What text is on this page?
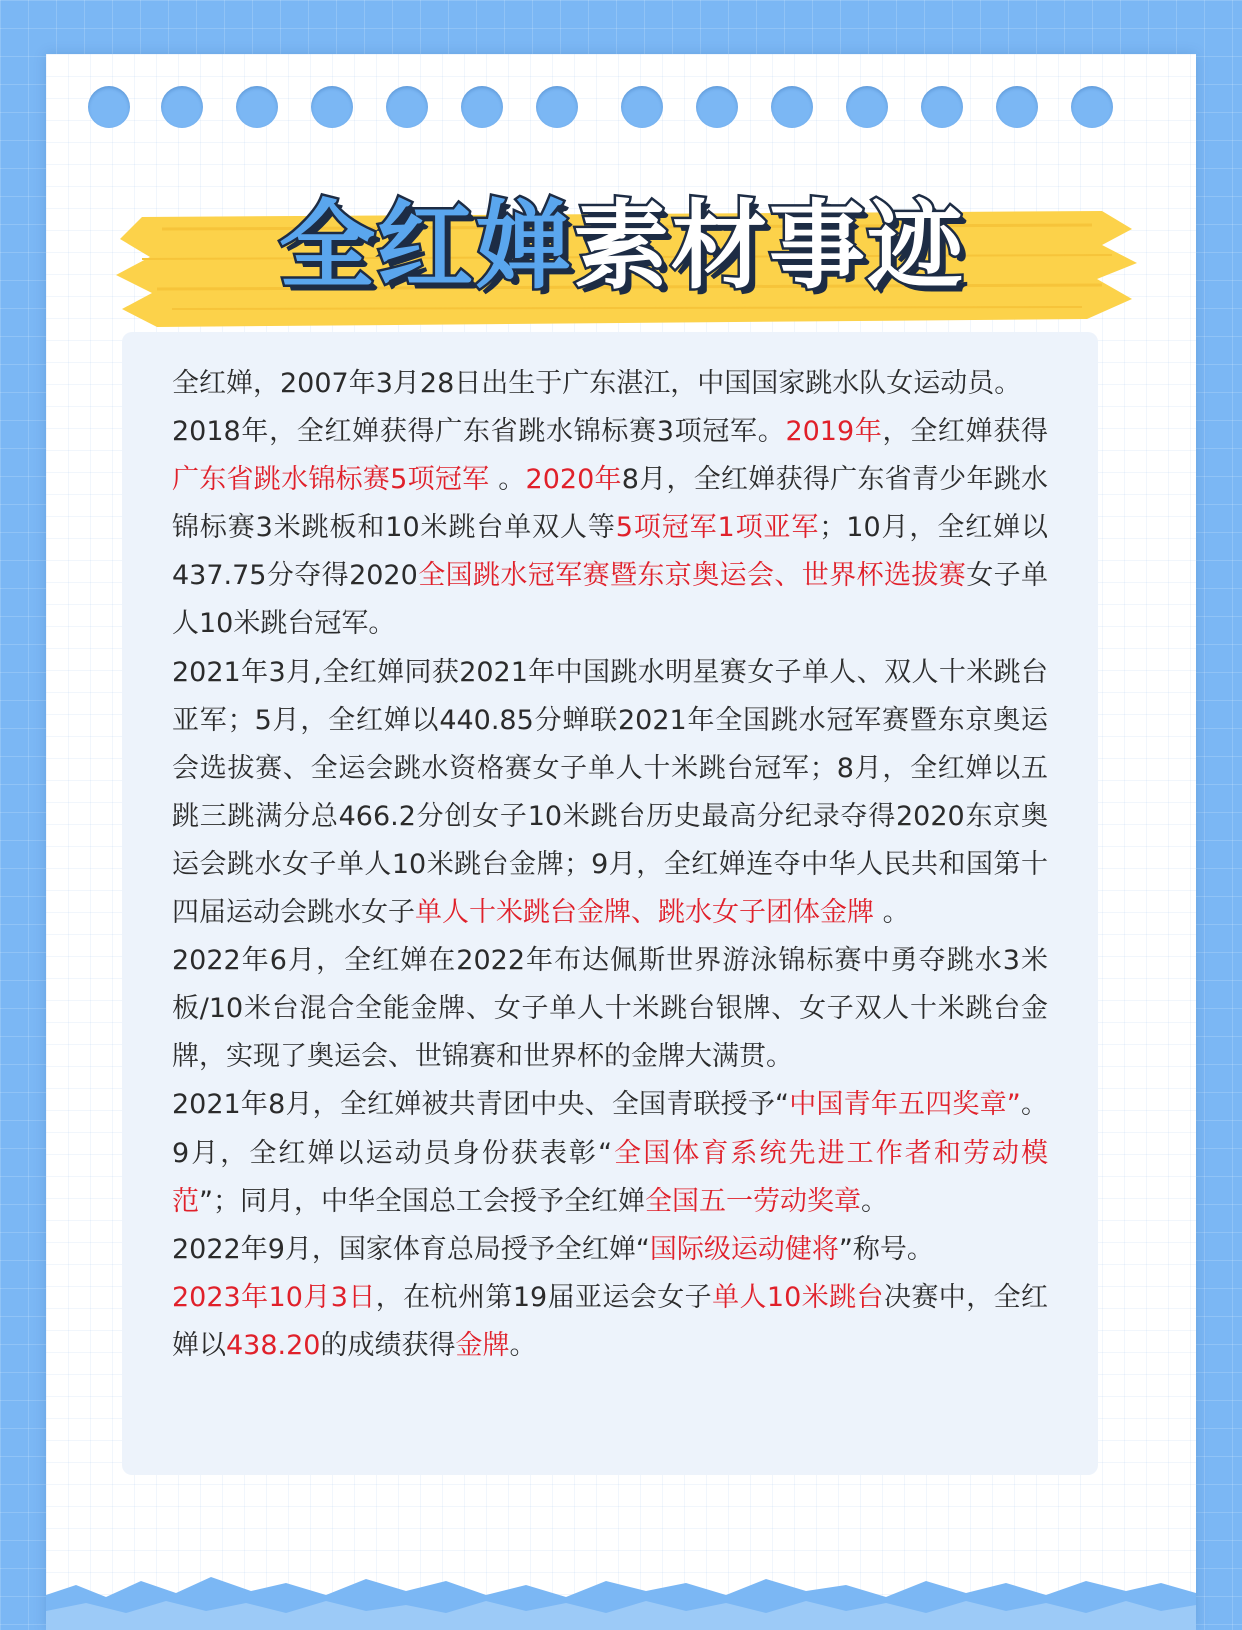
全红婵素材事迹

全红婵，2007年3月28日出生于广东湛江，中国国家跳水队女运动员。

2018年，全红婵获得广东省跳水锦标赛3项冠军。2019年，全红婵获得广东省跳水锦标赛5项冠军 。2020年8月，全红婵获得广东省青少年跳水锦标赛3米跳板和10米跳台单双人等5项冠军1项亚军；10月，全红婵以437.75分夺得2020全国跳水冠军赛暨东京奥运会、世界杯选拔赛女子单人10米跳台冠军。

2021年3月,全红婵同获2021年中国跳水明星赛女子单人、双人十米跳台亚军；5月，全红婵以440.85分蝉联2021年全国跳水冠军赛暨东京奥运会选拔赛、全运会跳水资格赛女子单人十米跳台冠军；8月，全红婵以五跳三跳满分总466.2分创女子10米跳台历史最高分纪录夺得2020东京奥运会跳水女子单人10米跳台金牌；9月，全红婵连夺中华人民共和国第十四届运动会跳水女子单人十米跳台金牌、跳水女子团体金牌 。

2022年6月，全红婵在2022年布达佩斯世界游泳锦标赛中勇夺跳水3米板/10米台混合全能金牌、女子单人十米跳台银牌、女子双人十米跳台金牌，实现了奥运会、世锦赛和世界杯的金牌大满贯。

2021年8月，全红婵被共青团中央、全国青联授予“中国青年五四奖章”。9月，全红婵以运动员身份获表彰“全国体育系统先进工作者和劳动模范”；同月，中华全国总工会授予全红婵全国五一劳动奖章。

2022年9月，国家体育总局授予全红婵“国际级运动健将”称号。

2023年10月3日，在杭州第19届亚运会女子单人10米跳台决赛中，全红婵以438.20的成绩获得金牌。
